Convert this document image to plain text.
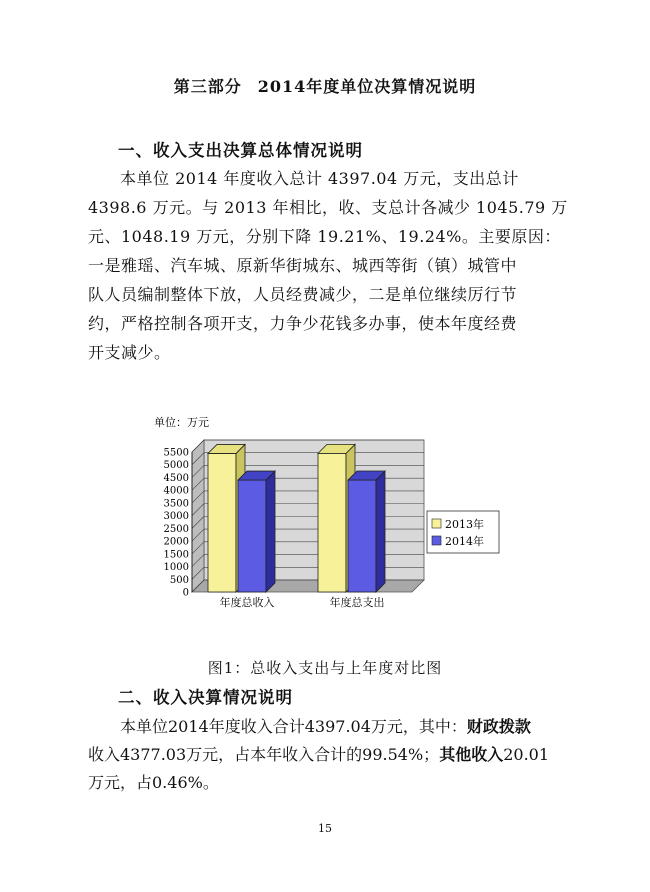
第三部分 2014年度单位决算情况说明
一、收入支出决算总体情况说明
本单位 2014 年度收入总计 4397.04 万元，支出总计
4398.6 万元。与 2013 年相比，收、支总计各减少 1045.79 万
元、1048.19 万元，分别下降 19.21%、19.24%。主要原因：
一是雅瑶、汽车城、原新华街城东、城西等街（镇）城管中
队人员编制整体下放，人员经费减少，二是单位继续厉行节
约，严格控制各项开支，力争少花钱多办事，使本年度经费
开支减少。
单位：万元
0
500
1000
1500
2000
2500
3000
3500
4000
4500
5000
5500
年度总收入	年度总支出
2013年
2014年
图1：总收入支出与上年度对比图
二、收入决算情况说明
本单位2014年度收入合计4397.04万元，其中：财政拨款
收入4377.03万元，占本年收入合计的99.54%；其他收入20.01
万元，占0.46%。
15
